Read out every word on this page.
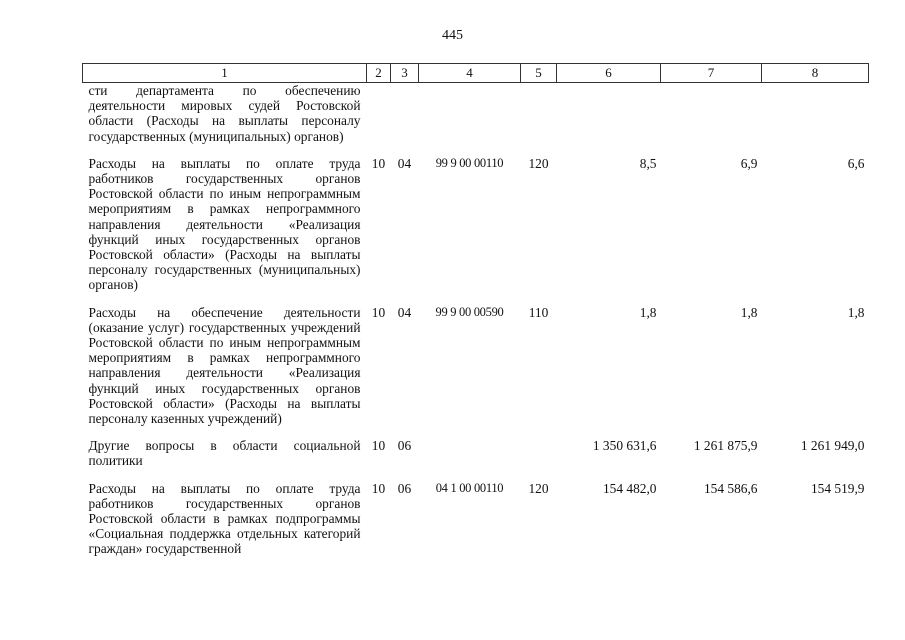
445
1	2	3	4	5	6	7	8
сти департамента по обеспечению деятельности мировых судей Ростовской области (Расходы на выплаты персоналу государственных (муниципальных) органов)							
Расходы на выплаты по оплате труда работников государственных органов Ростовской области по иным непрограммным мероприятиям в рамках непрограммного направления деятельности «Реализация функций иных государственных органов Ростовской области» (Расходы на выплаты персоналу государственных (муниципальных) органов)	10	04	99 9 00 00110	120	8,5	6,9	6,6
Расходы на обеспечение деятельности (оказание услуг) государственных учреждений Ростовской области по иным непрограммным мероприятиям в рамках непрограммного направления деятельности «Реализация функций иных государственных органов Ростовской области» (Расходы на выплаты персоналу казенных учреждений)	10	04	99 9 00 00590	110	1,8	1,8	1,8
Другие вопросы в области социальной политики	10	06			1 350 631,6	1 261 875,9	1 261 949,0
Расходы на выплаты по оплате труда работников государственных органов Ростовской области в рамках подпрограммы «Социальная поддержка отдельных категорий граждан» государственной	10	06	04 1 00 00110	120	154 482,0	154 586,6	154 519,9
